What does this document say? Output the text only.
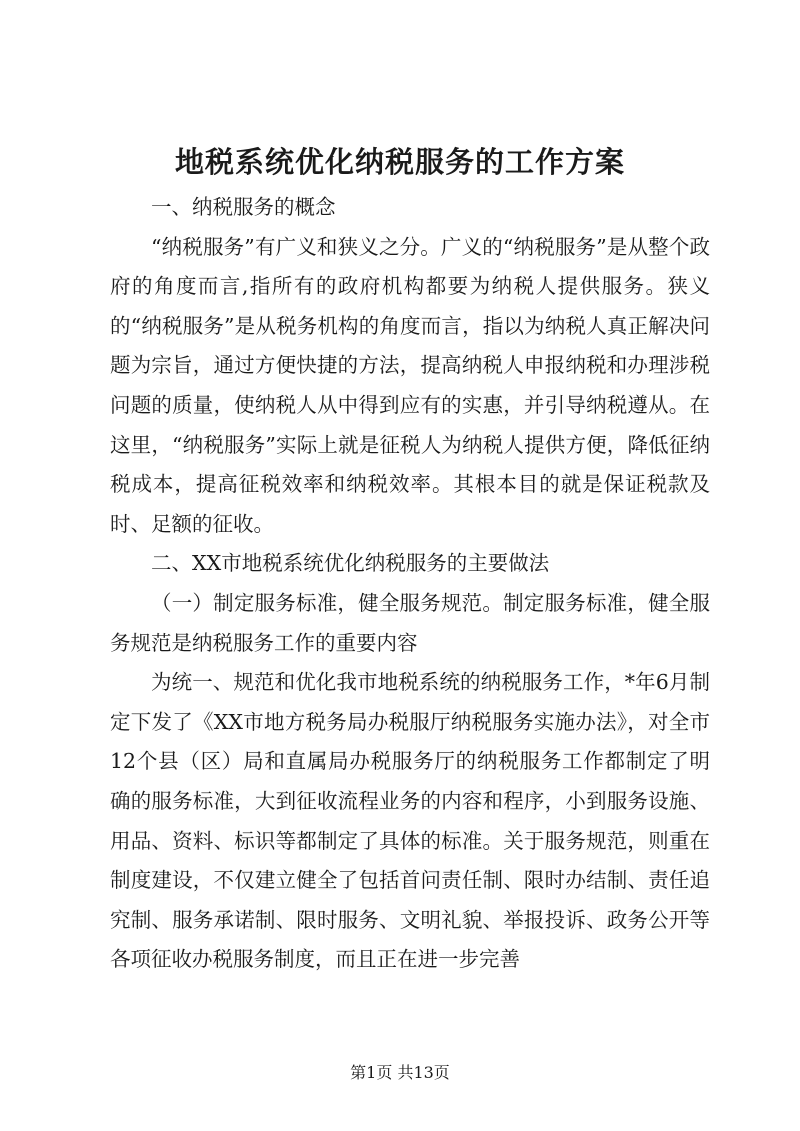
地税系统优化纳税服务的工作方案

一、纳税服务的概念

“纳税服务”有广义和狭义之分。广义的“纳税服务”是从整个政府的角度而言,指所有的政府机构都要为纳税人提供服务。狭义的“纳税服务”是从税务机构的角度而言，指以为纳税人真正解决问题为宗旨，通过方便快捷的方法，提高纳税人申报纳税和办理涉税问题的质量，使纳税人从中得到应有的实惠，并引导纳税遵从。在这里，“纳税服务”实际上就是征税人为纳税人提供方便，降低征纳税成本，提高征税效率和纳税效率。其根本目的就是保证税款及时、足额的征收。

二、XX市地税系统优化纳税服务的主要做法

（一）制定服务标准，健全服务规范。制定服务标准，健全服务规范是纳税服务工作的重要内容

为统一、规范和优化我市地税系统的纳税服务工作，*年6月制定下发了《XX市地方税务局办税服厅纳税服务实施办法》，对全市12个县（区）局和直属局办税服务厅的纳税服务工作都制定了明确的服务标准，大到征收流程业务的内容和程序，小到服务设施、用品、资料、标识等都制定了具体的标准。关于服务规范，则重在制度建设，不仅建立健全了包括首问责任制、限时办结制、责任追究制、服务承诺制、限时服务、文明礼貌、举报投诉、政务公开等各项征收办税服务制度，而且正在进一步完善

第1页 共13页
